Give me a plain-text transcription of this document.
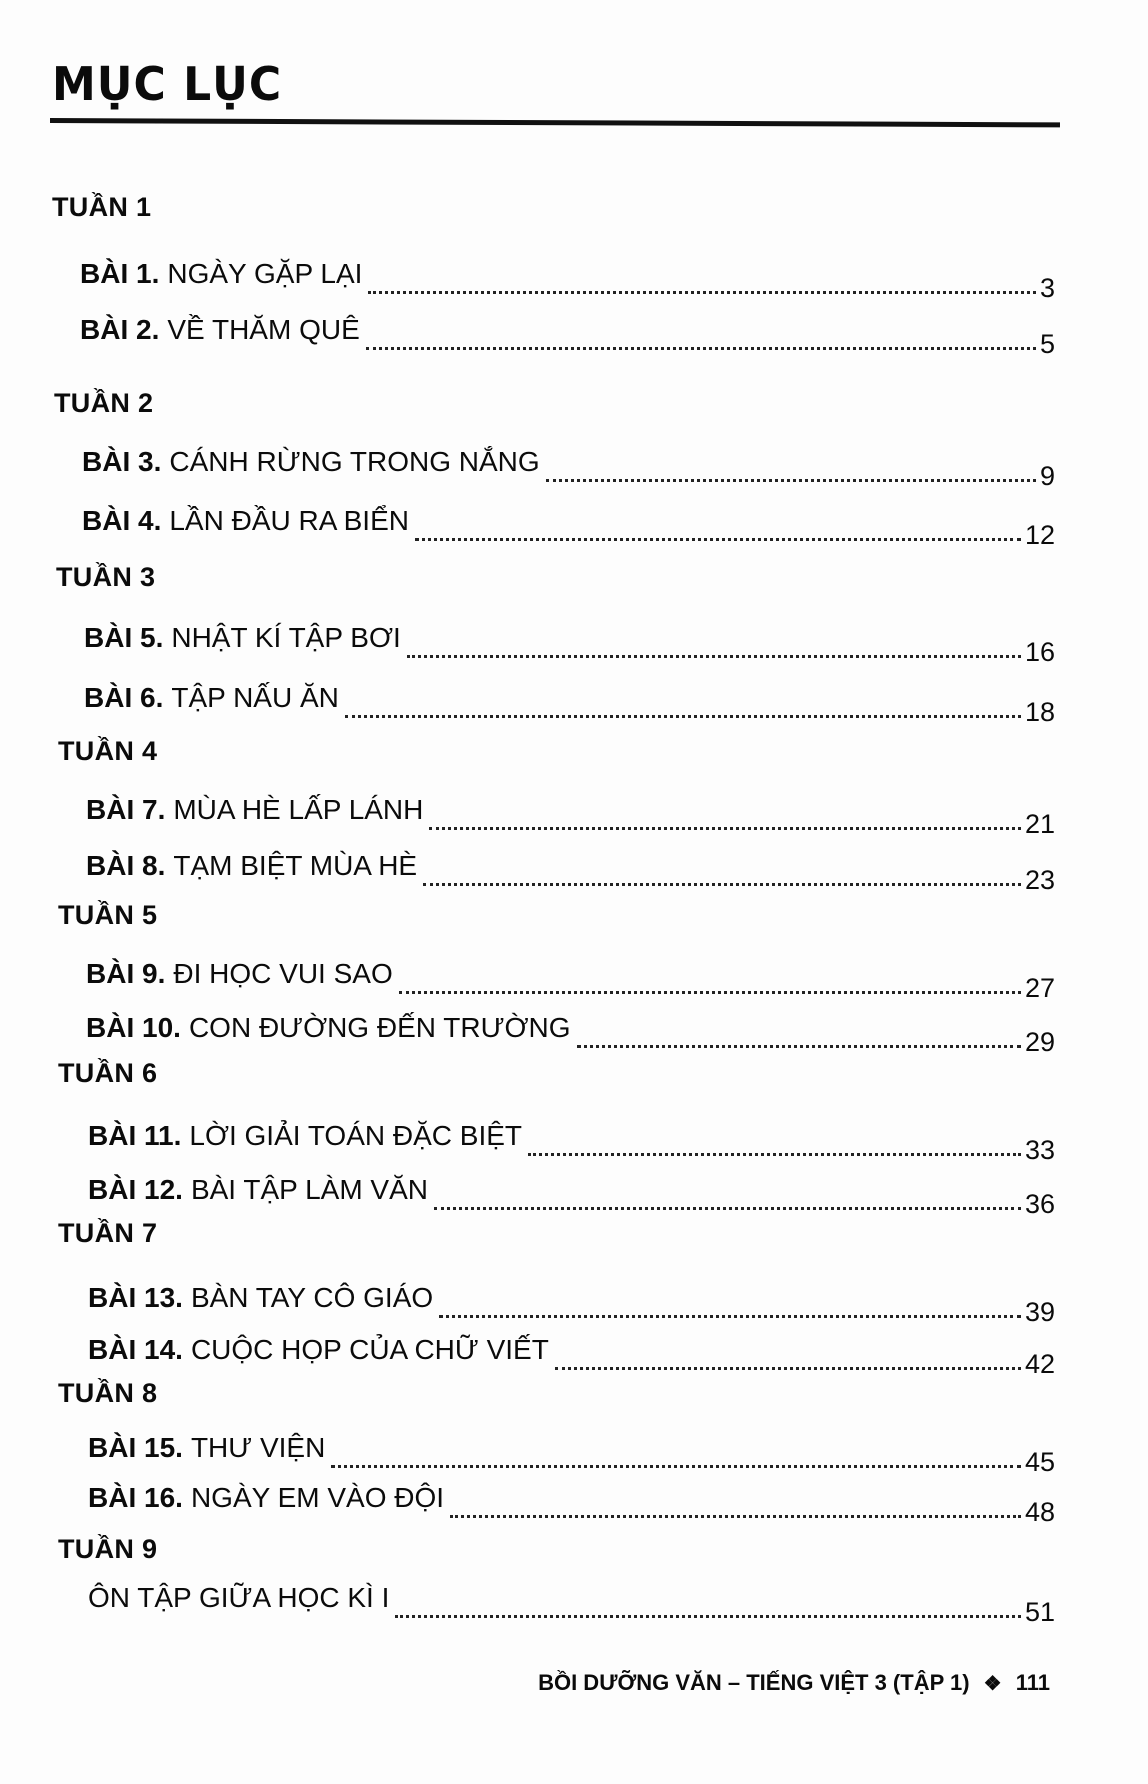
MỤC LỤC
TUẦN 1
BÀI 1. NGÀY GẶP LẠI	3
BÀI 2. VỀ THĂM QUÊ	5
TUẦN 2
BÀI 3. CÁNH RỪNG TRONG NẮNG	9
BÀI 4. LẦN ĐẦU RA BIỂN	12
TUẦN 3
BÀI 5. NHẬT KÍ TẬP BƠI	16
BÀI 6. TẬP NẤU ĂN	18
TUẦN 4
BÀI 7. MÙA HÈ LẤP LÁNH	21
BÀI 8. TẠM BIỆT MÙA HÈ	23
TUẦN 5
BÀI 9. ĐI HỌC VUI SAO	27
BÀI 10. CON ĐƯỜNG ĐẾN TRƯỜNG	29
TUẦN 6
BÀI 11. LỜI GIẢI TOÁN ĐẶC BIỆT	33
BÀI 12. BÀI TẬP LÀM VĂN	36
TUẦN 7
BÀI 13. BÀN TAY CÔ GIÁO	39
BÀI 14. CUỘC HỌP CỦA CHỮ VIẾT	42
TUẦN 8
BÀI 15. THƯ VIỆN	45
BÀI 16. NGÀY EM VÀO ĐỘI	48
TUẦN 9
ÔN TẬP GIỮA HỌC KÌ I	51
BỒI DƯỠNG VĂN – TIẾNG VIỆT 3 (TẬP 1) ❖ 111
